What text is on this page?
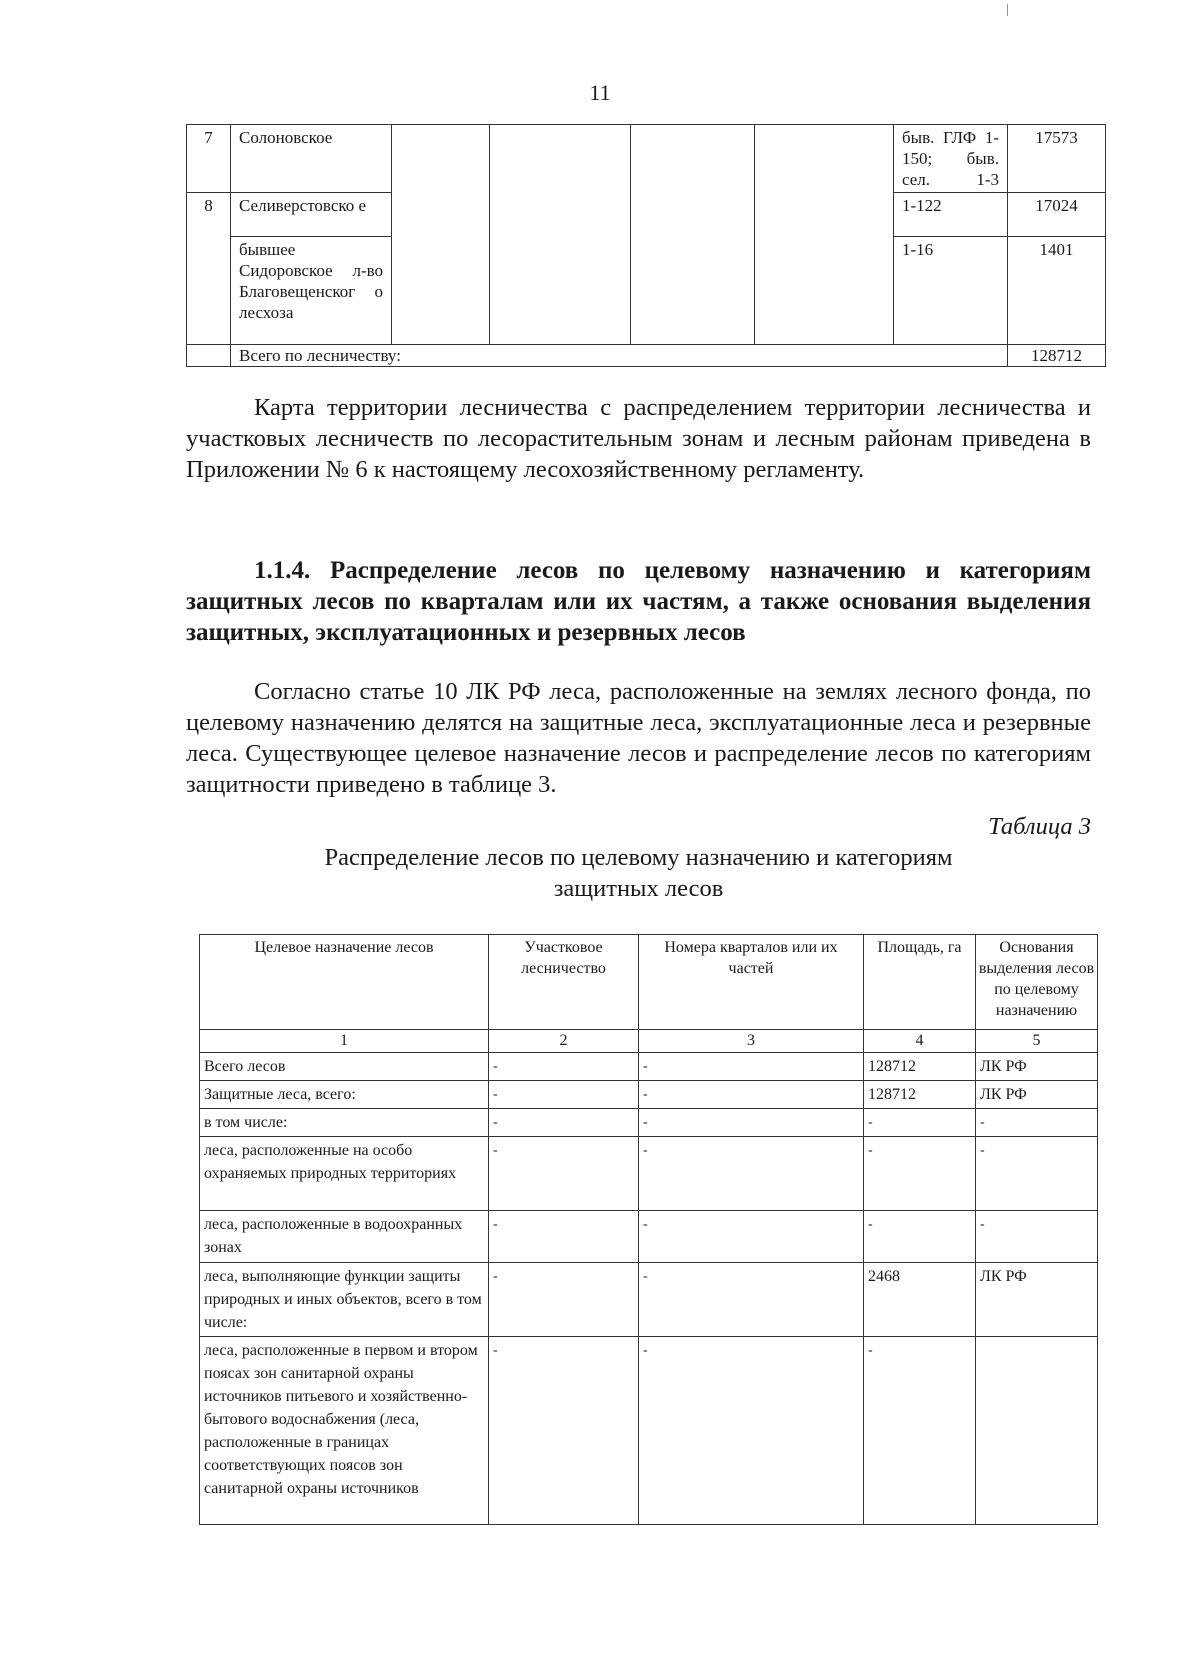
11
7	Солоновское					быв. ГЛФ 1-150; быв. сел. 1-3	17573
8	Селиверстовско е					1-122	17024
	бывшее Сидоровское л-во Благовещенског о лесхоза					1-16	1401
	Всего по лесничеству:						128712
Карта территории лесничества с распределением территории лесничества и участковых лесничеств по лесорастительным зонам и лесным районам приведена в Приложении № 6 к настоящему лесохозяйственному регламенту.
1.1.4. Распределение лесов по целевому назначению и категориям защитных лесов по кварталам или их частям, а также основания выделения защитных, эксплуатационных и резервных лесов
Согласно статье 10 ЛК РФ леса, расположенные на землях лесного фонда, по целевому назначению делятся на защитные леса, эксплуатационные леса и резервные леса. Существующее целевое назначение лесов и распределение лесов по категориям защитности приведено в таблице 3.
Таблица 3
Распределение лесов по целевому назначению и категориям защитных лесов
Целевое назначение лесов	Участковое лесничество	Номера кварталов или их частей	Площадь, га	Основания выделения лесов по целевому назначению
1	2	3	4	5
Всего лесов	-	-	128712	ЛК РФ
Защитные леса, всего:	-	-	128712	ЛК РФ
в том числе:	-	-	-	-
леса, расположенные на особо охраняемых природных территориях	-	-	-	-
леса, расположенные в водоохранных зонах	-	-	-	-
леса, выполняющие функции защиты природных и иных объектов, всего в том числе:	-	-	2468	ЛК РФ
леса, расположенные в первом и втором поясах зон санитарной охраны источников питьевого и хозяйственно-бытового водоснабжения (леса, расположенные в границах соответствующих поясов зон санитарной охраны источников	-	-	-	
